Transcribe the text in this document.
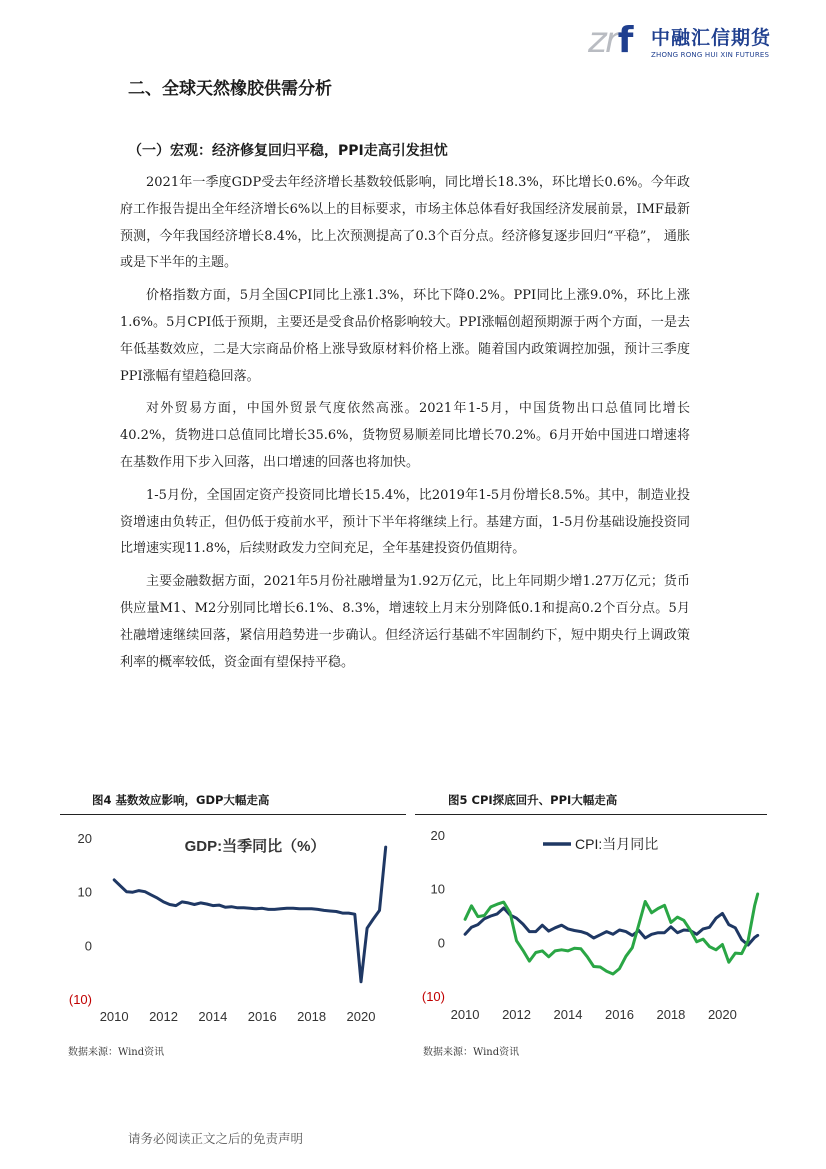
zrf 中融汇信期货
ZHONG RONG HUI XIN FUTURES
二、全球天然橡胶供需分析
（一）宏观：经济修复回归平稳，PPI走高引发担忧

2021年一季度GDP受去年经济增长基数较低影响，同比增长18.3%，环比增长0.6%。今年政府工作报告提出全年经济增长6%以上的目标要求，市场主体总体看好我国经济发展前景，IMF最新预测，今年我国经济增长8.4%，比上次预测提高了0.3个百分点。经济修复逐步回归“平稳”， 通胀或是下半年的主题。

价格指数方面，5月全国CPI同比上涨1.3%，环比下降0.2%。PPI同比上涨9.0%，环比上涨1.6%。5月CPI低于预期，主要还是受食品价格影响较大。PPI涨幅创超预期源于两个方面，一是去年低基数效应，二是大宗商品价格上涨导致原材料价格上涨。随着国内政策调控加强，预计三季度PPI涨幅有望趋稳回落。

对外贸易方面，中国外贸景气度依然高涨。2021年1-5月，中国货物出口总值同比增长40.2%，货物进口总值同比增长35.6%，货物贸易顺差同比增长70.2%。6月开始中国进口增速将在基数作用下步入回落，出口增速的回落也将加快。

1-5月份，全国固定资产投资同比增长15.4%，比2019年1-5月份增长8.5%。其中，制造业投资增速由负转正，但仍低于疫前水平，预计下半年将继续上行。基建方面，1-5月份基础设施投资同比增速实现11.8%，后续财政发力空间充足，全年基建投资仍值期待。

主要金融数据方面，2021年5月份社融增量为1.92万亿元，比上年同期少增1.27万亿元；货币供应量M1、M2分别同比增长6.1%、8.3%，增速较上月末分别降低0.1和提高0.2个百分点。5月社融增速继续回落，紧信用趋势进一步确认。但经济运行基础不牢固制约下，短中期央行上调政策利率的概率较低，资金面有望保持平稳。

图4 基数效应影响，GDP大幅走高
20
10
0
(10)
2010 2012 2014 2016 2018 2020
GDP:当季同比（%）
数据来源：Wind资讯
图5 CPI探底回升、PPI大幅走高
20
10
0
(10)
2010 2012 2014 2016 2018 2020
CPI:当月同比
数据来源：Wind资讯
请务必阅读正文之后的免责声明
